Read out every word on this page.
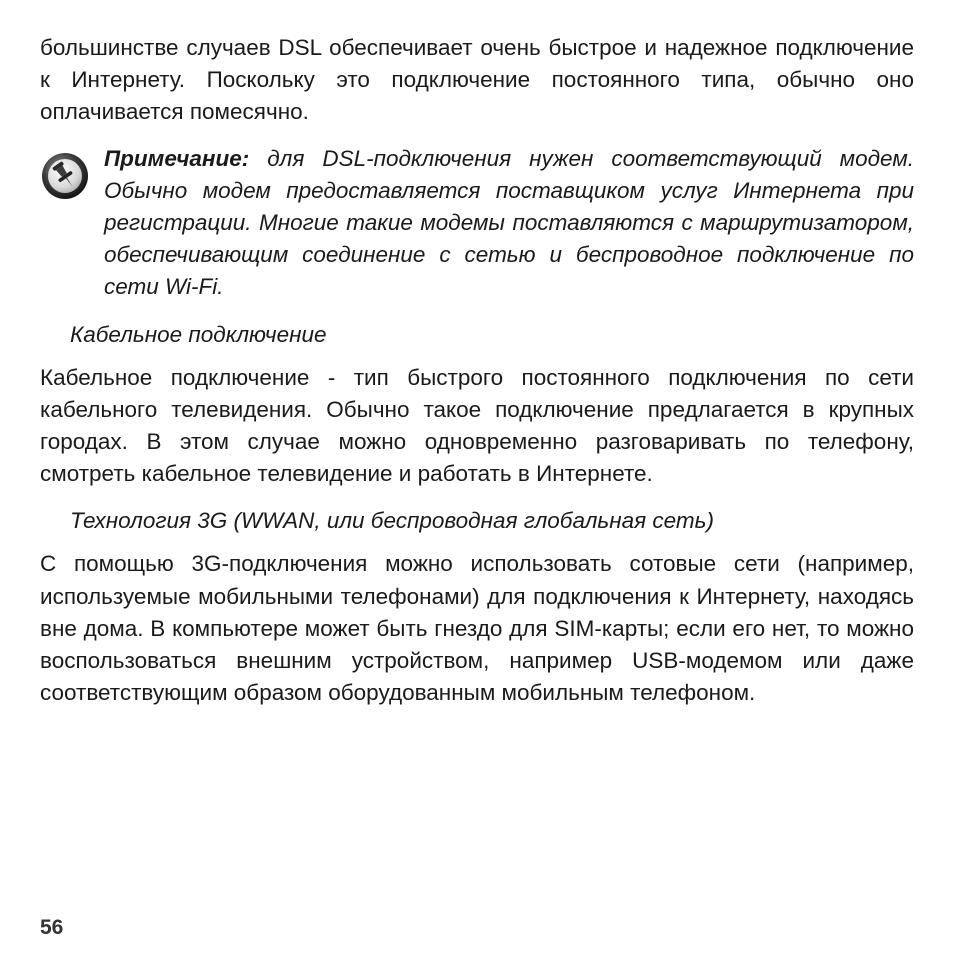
большинстве случаев DSL обеспечивает очень быстрое и надежное подключение к Интернету. Поскольку это подключение постоянного типа, обычно оно оплачивается помесячно.

Примечание: для DSL-подключения нужен соответствующий модем. Обычно модем предоставляется поставщиком услуг Интернета при регистрации. Многие такие модемы поставляются с маршрутизатором, обеспечивающим соединение с сетью и беспроводное подключение по сети Wi-Fi.

Кабельное подключение

Кабельное подключение - тип быстрого постоянного подключения по сети кабельного телевидения. Обычно такое подключение предлагается в крупных городах. В этом случае можно одновременно разговаривать по телефону, смотреть кабельное телевидение и работать в Интернете.

Технология 3G (WWAN, или беспроводная глобальная сеть)

С помощью 3G-подключения можно использовать сотовые сети (например, используемые мобильными телефонами) для подключения к Интернету, находясь вне дома. В компьютере может быть гнездо для SIM-карты; если его нет, то можно воспользоваться внешним устройством, например USB-модемом или даже соответствующим образом оборудованным мобильным телефоном.

56
